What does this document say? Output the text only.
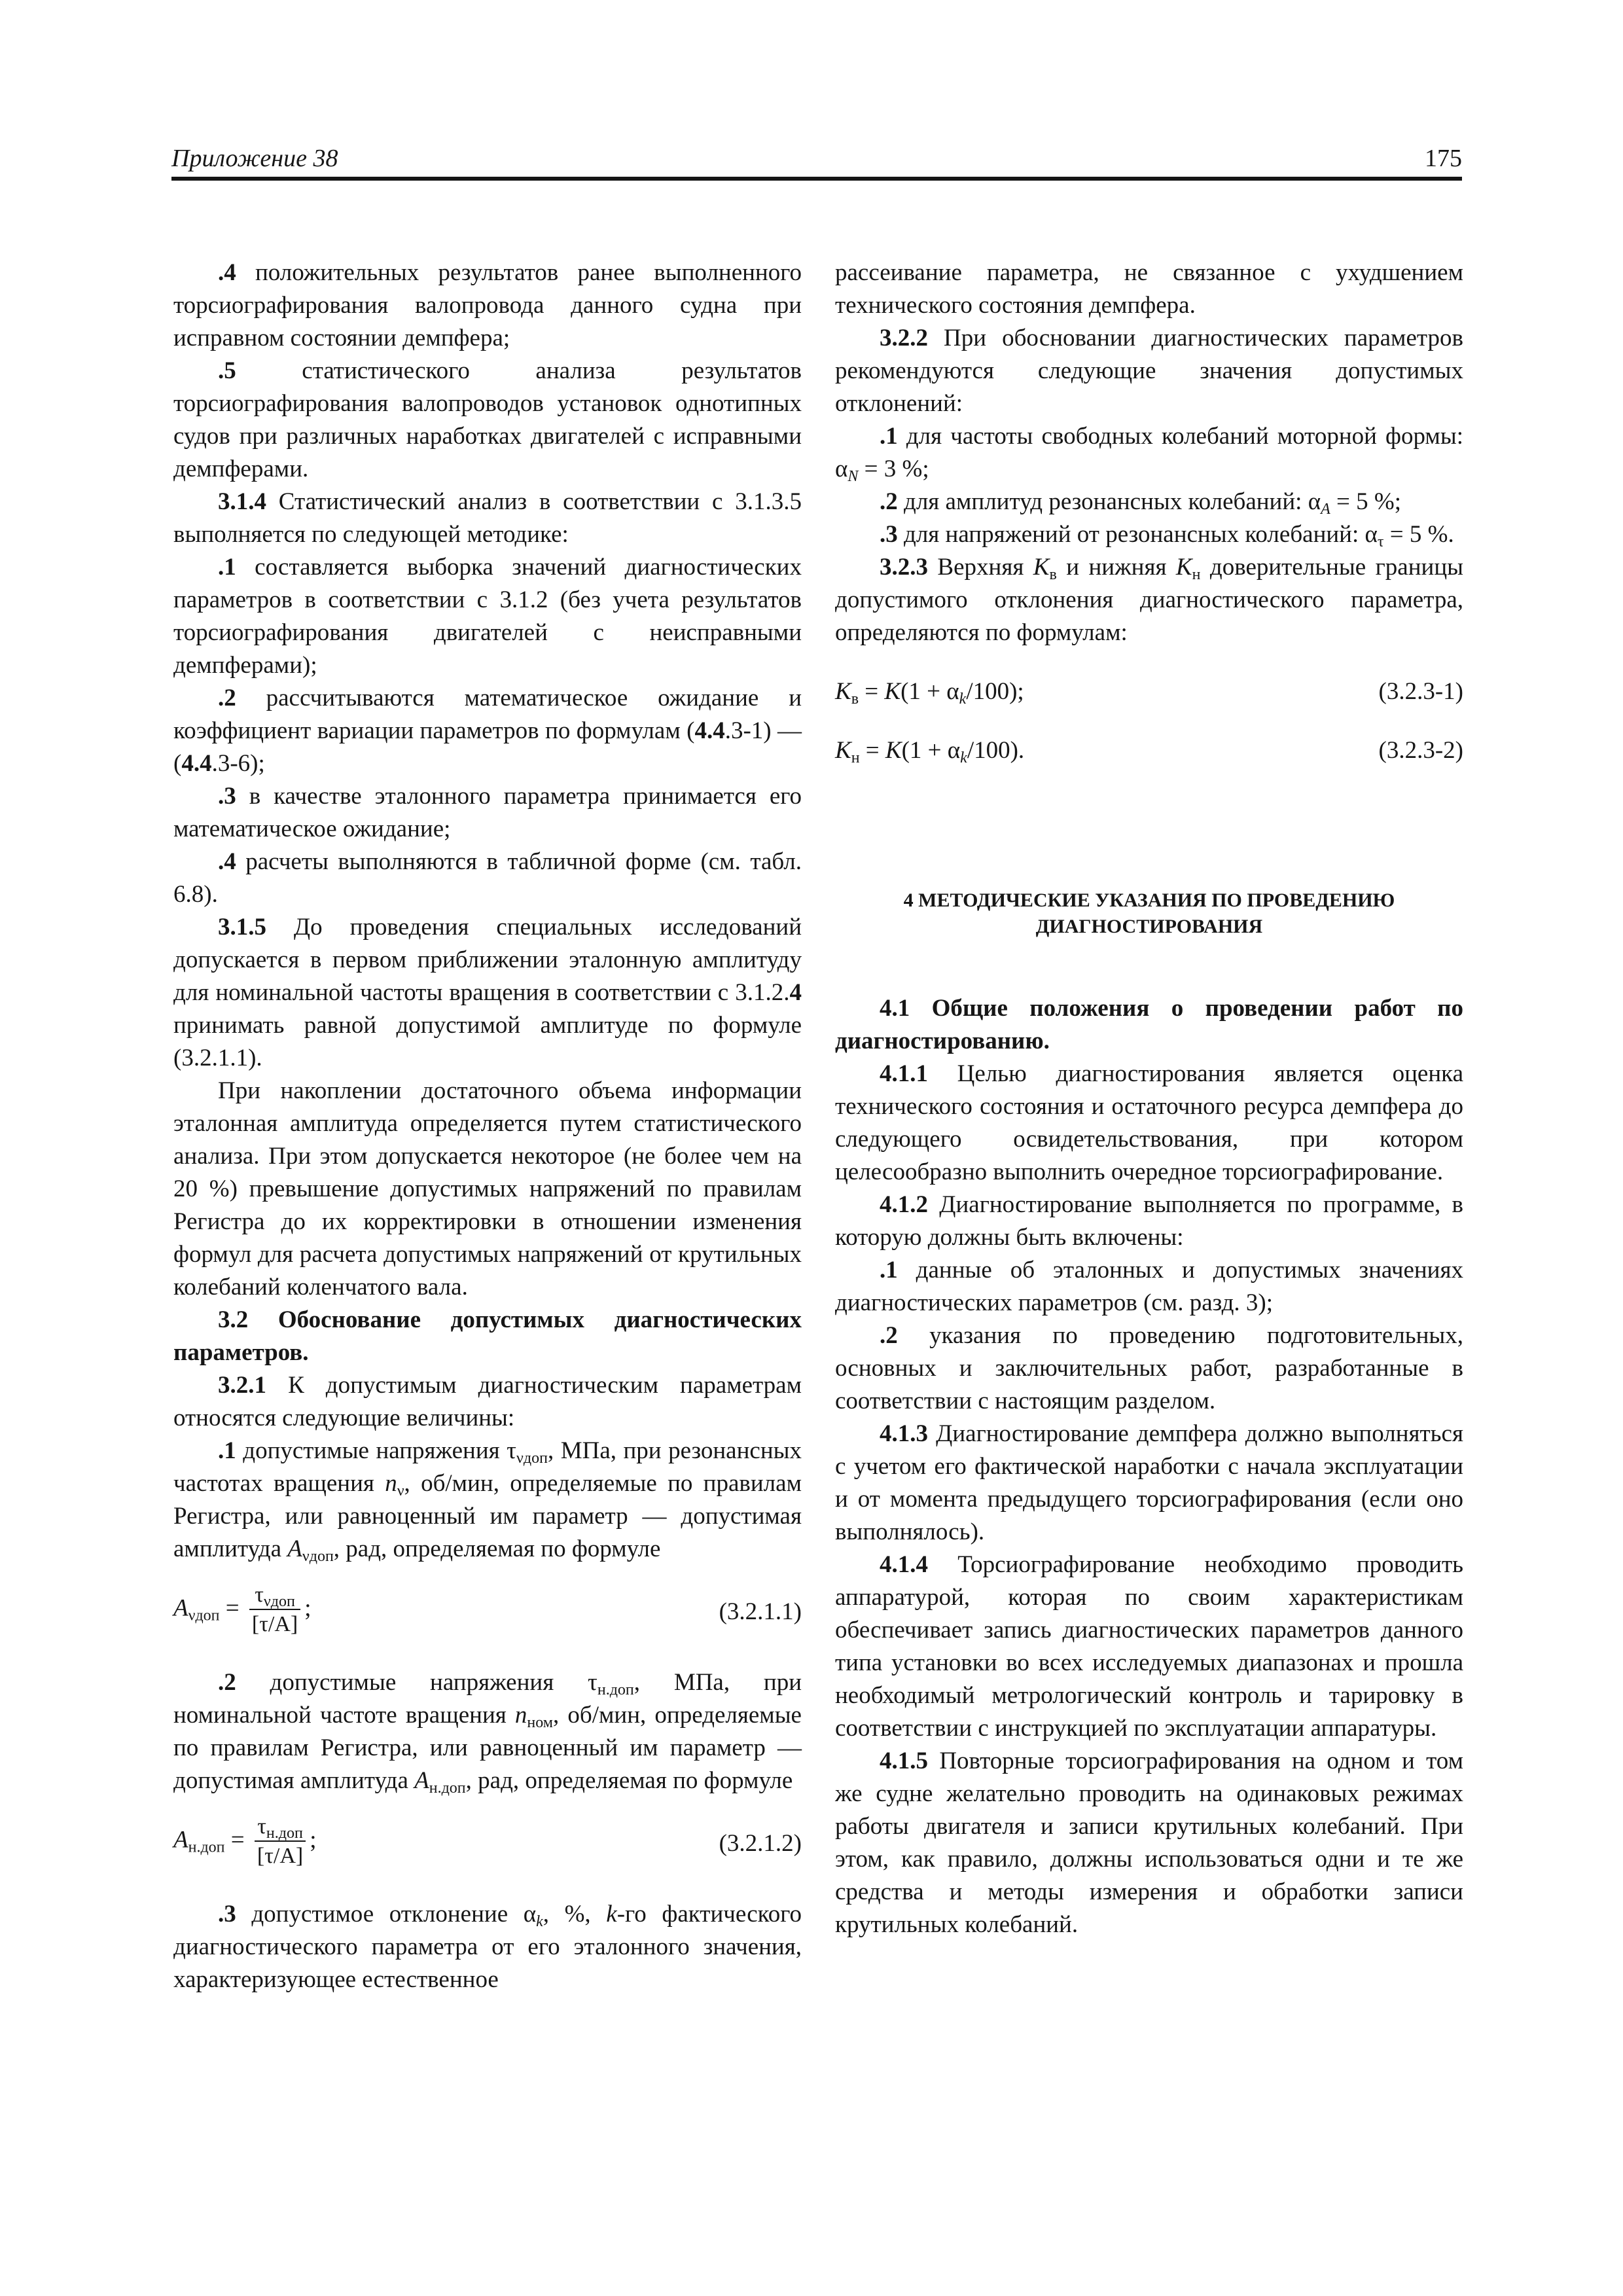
Приложение 38	175

.4 положительных результатов ранее выполненного торсиографирования валопровода данного судна при исправном состоянии демпфера;

.5 статистического анализа результатов торсиографирования валопроводов установок однотипных судов при различных наработках двигателей с исправными демпферами.

3.1.4 Статистический анализ в соответствии с 3.1.3.5 выполняется по следующей методике:

.1 составляется выборка значений диагностических параметров в соответствии с 3.1.2 (без учета результатов торсиографирования двигателей с неисправными демпферами);

.2 рассчитываются математическое ожидание и коэффициент вариации параметров по формулам (4.4.3-1) — (4.4.3-6);

.3 в качестве эталонного параметра принимается его математическое ожидание;

.4 расчеты выполняются в табличной форме (см. табл. 6.8).

3.1.5 До проведения специальных исследований допускается в первом приближении эталонную амплитуду для номинальной частоты вращения в соответствии с 3.1.2.4 принимать равной допустимой амплитуде по формуле (3.2.1.1).

При накоплении достаточного объема информации эталонная амплитуда определяется путем статистического анализа. При этом допускается некоторое (не более чем на 20 %) превышение допустимых напряжений по правилам Регистра до их корректировки в отношении изменения формул для расчета допустимых напряжений от крутильных колебаний коленчатого вала.

3.2 Обоснование допустимых диагностических параметров.

3.2.1 К допустимым диагностическим параметрам относятся следующие величины:

.1 допустимые напряжения $\tau_{\nu доп}$, МПа, при резонансных частотах вращения $n_\nu$, об/мин, определяемые по правилам Регистра, или равноценный им параметр — допустимая амплитуда $A_{\nu доп}$, рад, определяемая по формуле

$A_{\nu доп} = \frac{\tau_{\nu доп}}{[\tau/A]}$ ;	(3.2.1.1)

.2 допустимые напряжения $\tau_{н.доп}$, МПа, при номинальной частоте вращения $n_{ном}$, об/мин, определяемые по правилам Регистра, или равноценный им параметр — допустимая амплитуда $A_{н.доп}$, рад, определяемая по формуле

$A_{н.доп} = \frac{\tau_{н.доп}}{[\tau/A]}$ ;	(3.2.1.2)

.3 допустимое отклонение $\alpha_k$, %, k-го фактического диагностического параметра от его эталонного значения, характеризующее естественное

рассеивание параметра, не связанное с ухудшением технического состояния демпфера.

3.2.2 При обосновании диагностических параметров рекомендуются следующие значения допустимых отклонений:

.1 для частоты свободных колебаний моторной формы: $\alpha_N = 3$ %;

.2 для амплитуд резонансных колебаний: $\alpha_A = 5$ %;

.3 для напряжений от резонансных колебаний: $\alpha_\tau = 5$ %.

3.2.3 Верхняя $K_в$ и нижняя $K_н$ доверительные границы допустимого отклонения диагностического параметра, определяются по формулам:

$K_в = K(1 + \alpha_k/100)$;	(3.2.3-1)
$K_н = K(1 + \alpha_k/100)$.	(3.2.3-2)

4 МЕТОДИЧЕСКИЕ УКАЗАНИЯ ПО ПРОВЕДЕНИЮ
ДИАГНОСТИРОВАНИЯ

4.1 Общие положения о проведении работ по диагностированию.

4.1.1 Целью диагностирования является оценка технического состояния и остаточного ресурса демпфера до следующего освидетельствования, при котором целесообразно выполнить очередное торсиографирование.

4.1.2 Диагностирование выполняется по программе, в которую должны быть включены:

.1 данные об эталонных и допустимых значениях диагностических параметров (см. разд. 3);

.2 указания по проведению подготовительных, основных и заключительных работ, разработанные в соответствии с настоящим разделом.

4.1.3 Диагностирование демпфера должно выполняться с учетом его фактической наработки с начала эксплуатации и от момента предыдущего торсиографирования (если оно выполнялось).

4.1.4 Торсиографирование необходимо проводить аппаратурой, которая по своим характеристикам обеспечивает запись диагностических параметров данного типа установки во всех исследуемых диапазонах и прошла необходимый метрологический контроль и тарировку в соответствии с инструкцией по эксплуатации аппаратуры.

4.1.5 Повторные торсиографирования на одном и том же судне желательно проводить на одинаковых режимах работы двигателя и записи крутильных колебаний. При этом, как правило, должны использоваться одни и те же средства и методы измерения и обработки записи крутильных колебаний.
